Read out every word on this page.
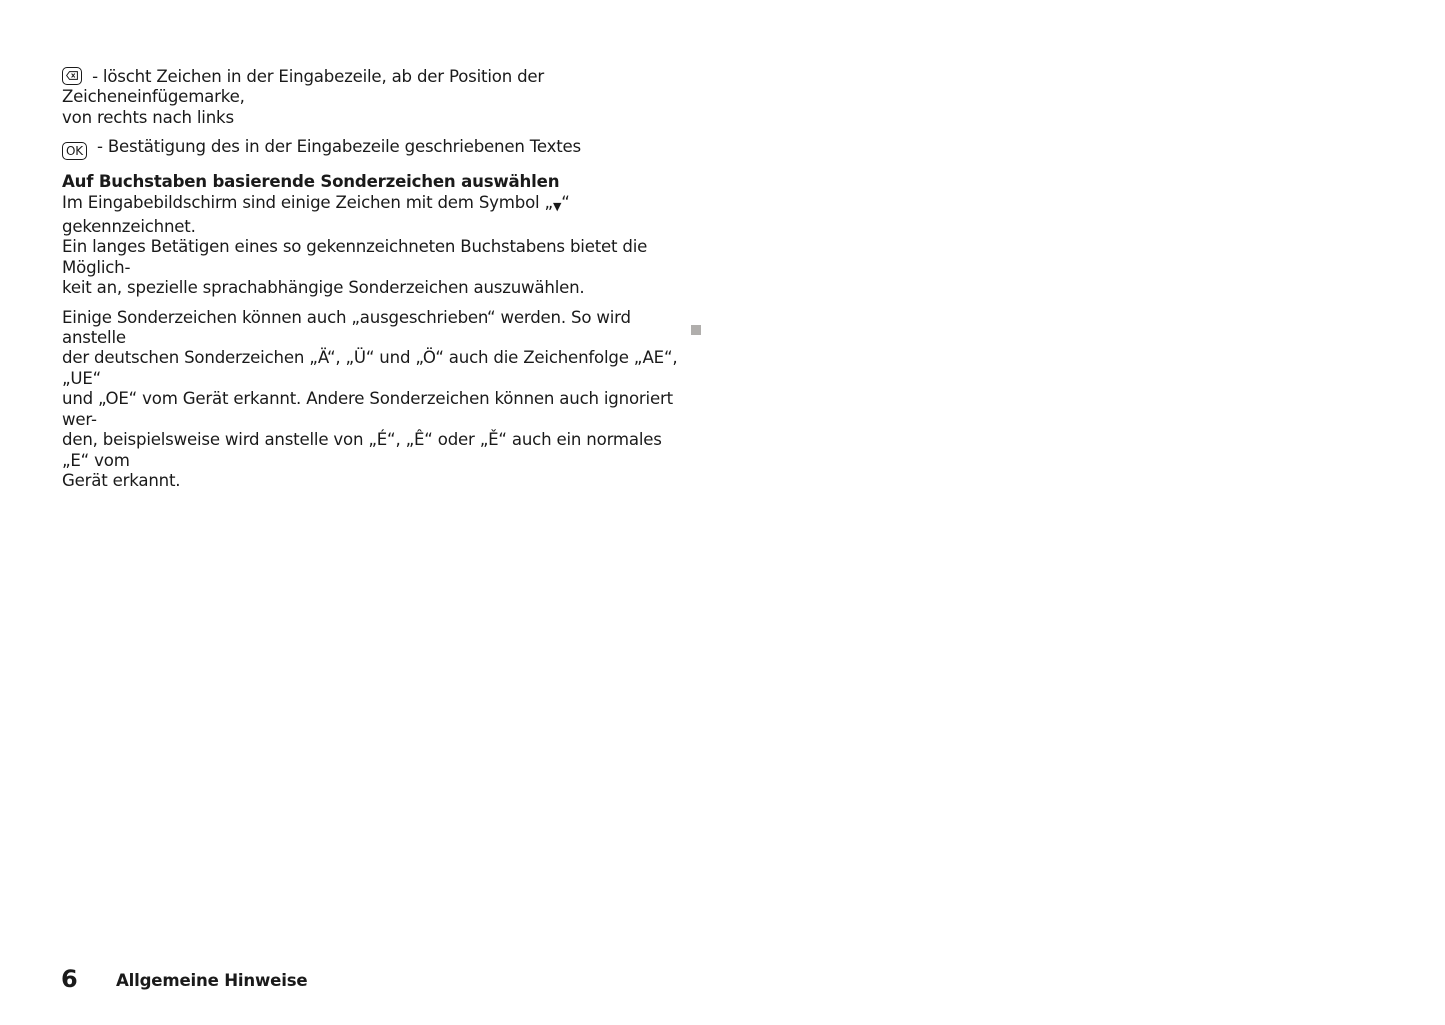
- löscht Zeichen in der Eingabezeile, ab der Position der Zeicheneinfügemarke,
von rechts nach links

OK - Bestätigung des in der Eingabezeile geschriebenen Textes

Auf Buchstaben basierende Sonderzeichen auswählen

Im Eingabebildschirm sind einige Zeichen mit dem Symbol „▼“ gekennzeichnet.
Ein langes Betätigen eines so gekennzeichneten Buchstabens bietet die Möglich-
keit an, spezielle sprachabhängige Sonderzeichen auszuwählen.

Einige Sonderzeichen können auch „ausgeschrieben“ werden. So wird anstelle
der deutschen Sonderzeichen „Ä“, „Ü“ und „Ö“ auch die Zeichenfolge „AE“, „UE“
und „OE“ vom Gerät erkannt. Andere Sonderzeichen können auch ignoriert wer-
den, beispielsweise wird anstelle von „É“, „Ê“ oder „Ě“ auch ein normales „E“ vom
Gerät erkannt.

6 Allgemeine Hinweise
